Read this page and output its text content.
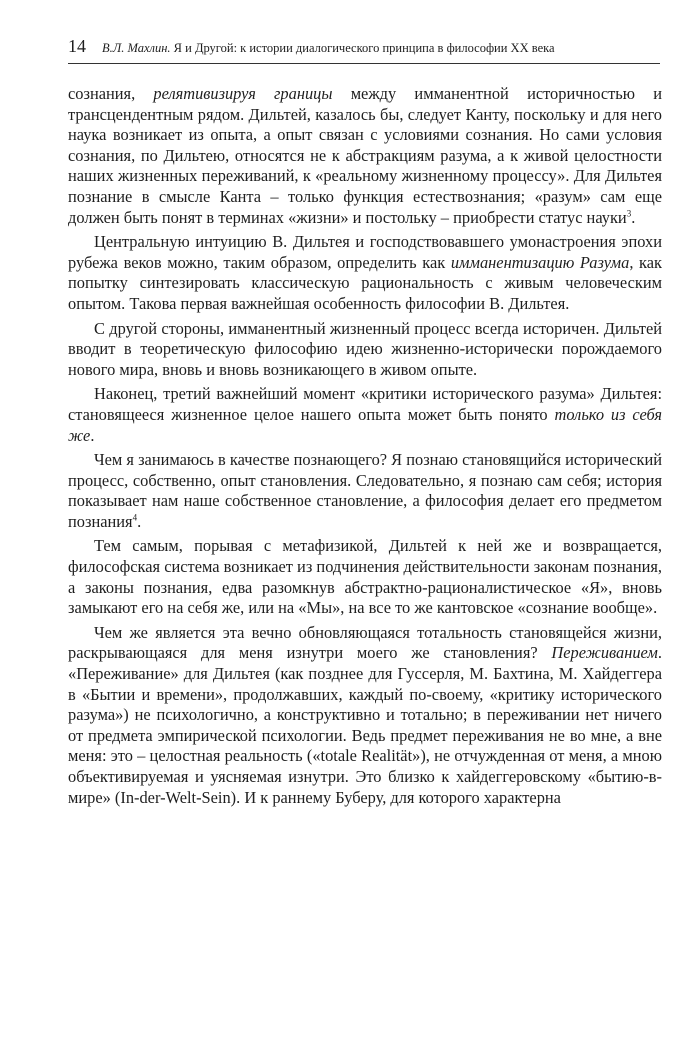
14 В.Л. Махлин. Я и Другой: к истории диалогического принципа в философии XX века

сознания, релятивизируя границы между имманентной историчностью и трансцендентным рядом. Дильтей, казалось бы, следует Канту, поскольку и для него наука возникает из опыта, а опыт связан с условиями сознания. Но сами условия сознания, по Дильтею, относятся не к абстракциям разума, а к живой целостности наших жизненных переживаний, к «реальному жизненному процессу». Для Дильтея познание в смысле Канта – только функция естествознания; «разум» сам еще должен быть понят в терминах «жизни» и постольку – приобрести статус науки$^3$.

Центральную интуицию В. Дильтея и господствовавшего умонастроения эпохи рубежа веков можно, таким образом, определить как имманентизацию Разума, как попытку синтезировать классическую рациональность с живым человеческим опытом. Такова первая важнейшая особенность философии В. Дильтея.

С другой стороны, имманентный жизненный процесс всегда историчен. Дильтей вводит в теоретическую философию идею жизненно-исторически порождаемого нового мира, вновь и вновь возникающего в живом опыте.

Наконец, третий важнейший момент «критики исторического разума» Дильтея: становящееся жизненное целое нашего опыта может быть понято только из себя же.

Чем я занимаюсь в качестве познающего? Я познаю становящийся исторический процесс, собственно, опыт становления. Следовательно, я познаю сам себя; история показывает нам наше собственное становление, а философия делает его предметом познания$^4$.

Тем самым, порывая с метафизикой, Дильтей к ней же и возвращается, философская система возникает из подчинения действительности законам познания, а законы познания, едва разомкнув абстрактно-рационалистическое «Я», вновь замыкают его на себя же, или на «Мы», на все то же кантовское «сознание вообще».

Чем же является эта вечно обновляющаяся тотальность становящейся жизни, раскрывающаяся для меня изнутри моего же становления? Переживанием. «Переживание» для Дильтея (как позднее для Гуссерля, М. Бахтина, М. Хайдеггера в «Бытии и времени», продолжавших, каждый по-своему, «критику исторического разума») не психологично, а конструктивно и тотально; в переживании нет ничего от предмета эмпирической психологии. Ведь предмет переживания не во мне, а вне меня: это – целостная реальность («totale Realität»), не отчужденная от меня, а мною объективируемая и уясняемая изнутри. Это близко к хайдеггеровскому «бытию-в-мире» (In-der-Welt-Sein). И к раннему Буберу, для которого характерна
